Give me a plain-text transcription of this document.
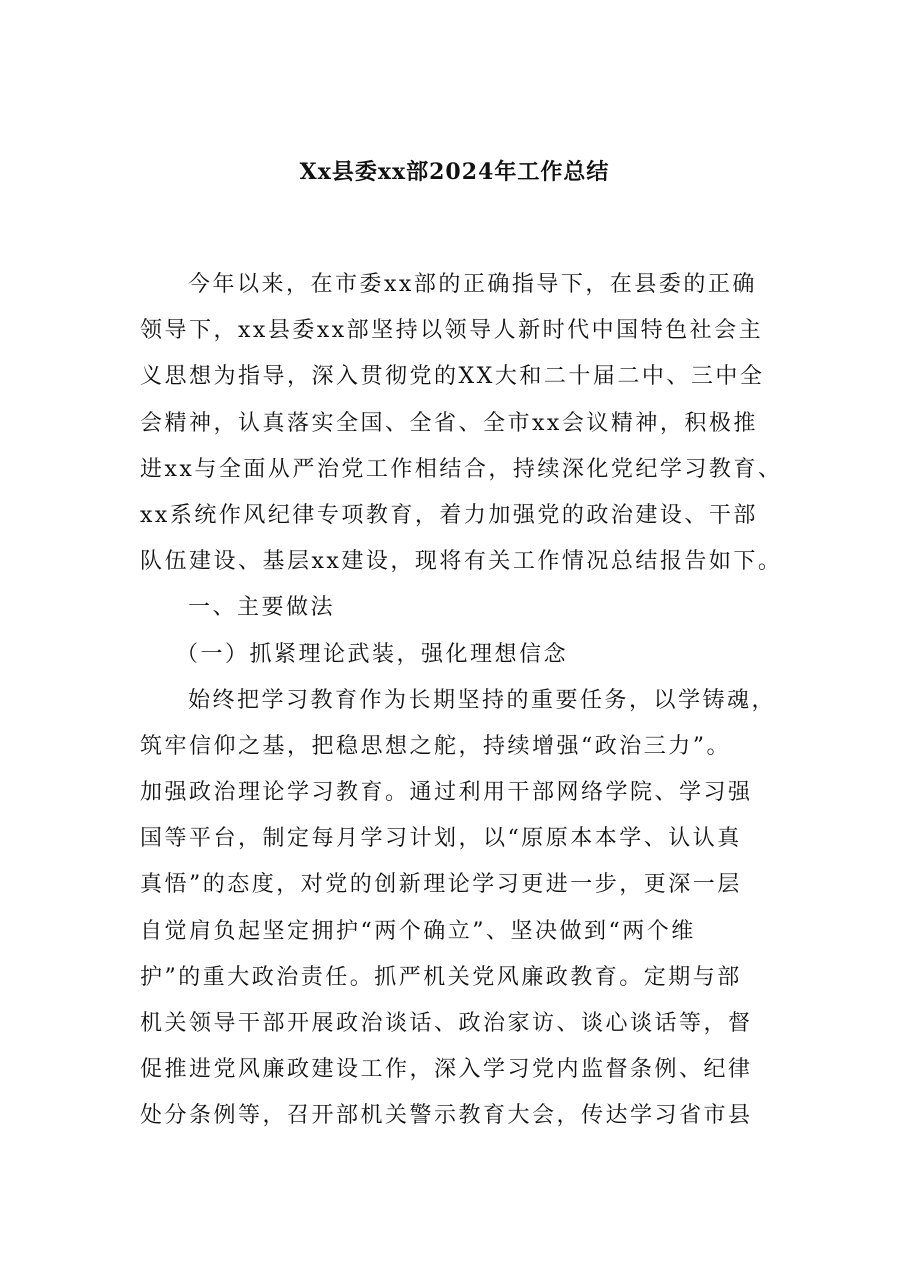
Xx县委xx部2024年工作总结
今年以来，在市委xx部的正确指导下，在县委的正确
领导下，xx县委xx部坚持以领导人新时代中国特色社会主
义思想为指导，深入贯彻党的XX大和二十届二中、三中全
会精神，认真落实全国、全省、全市xx会议精神，积极推
进xx与全面从严治党工作相结合，持续深化党纪学习教育、
xx系统作风纪律专项教育，着力加强党的政治建设、干部
队伍建设、基层xx建设，现将有关工作情况总结报告如下。
一、主要做法
（一）抓紧理论武装，强化理想信念
始终把学习教育作为长期坚持的重要任务，以学铸魂，
筑牢信仰之基，把稳思想之舵，持续增强“政治三力”。
加强政治理论学习教育。通过利用干部网络学院、学习强
国等平台，制定每月学习计划，以“原原本本学、认认真
真悟”的态度，对党的创新理论学习更进一步，更深一层
自觉肩负起坚定拥护“两个确立”、坚决做到“两个维
护”的重大政治责任。抓严机关党风廉政教育。定期与部
机关领导干部开展政治谈话、政治家访、谈心谈话等，督
促推进党风廉政建设工作，深入学习党内监督条例、纪律
处分条例等，召开部机关警示教育大会，传达学习省市县
